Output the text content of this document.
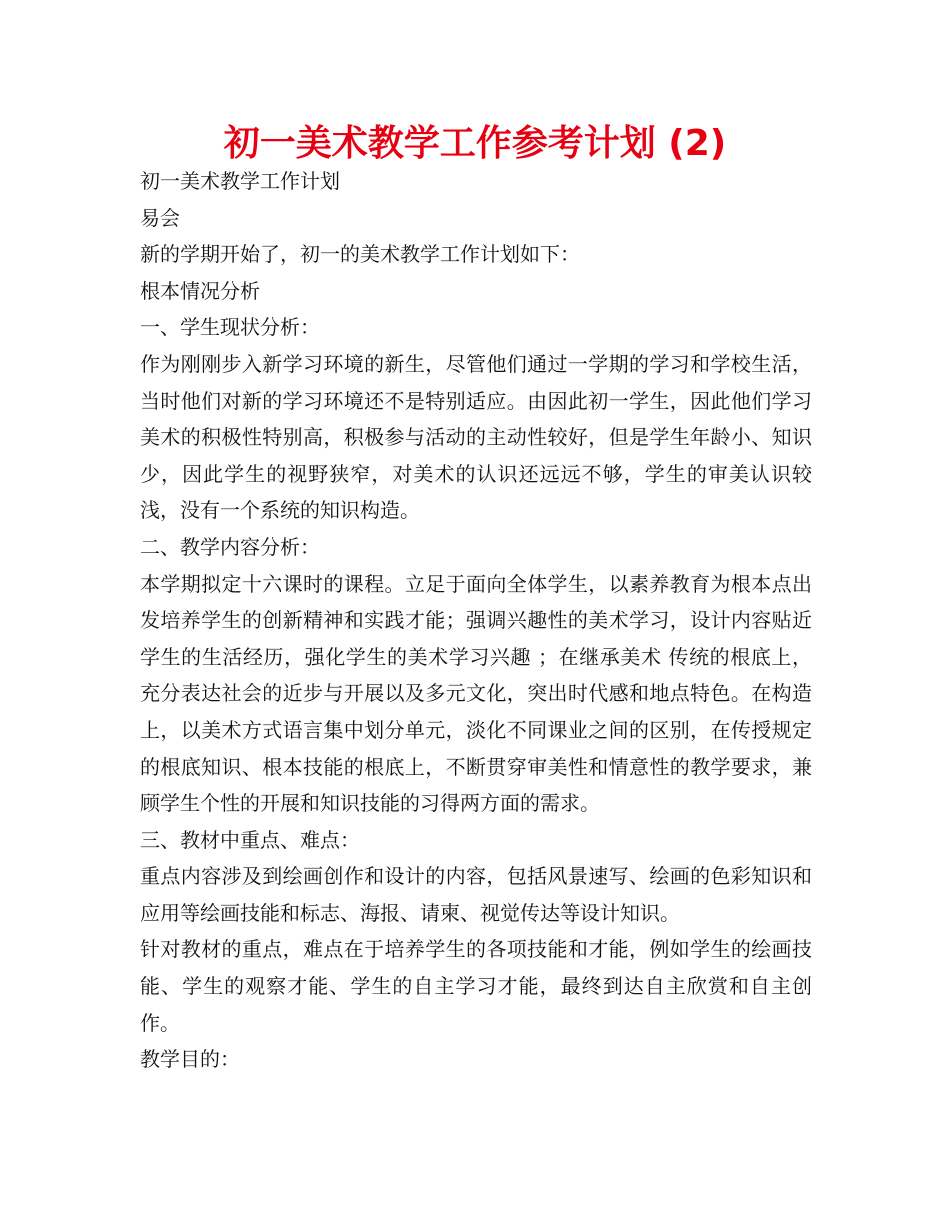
初一美术教学工作参考计划 (2)

初一美术教学工作计划

易会

新的学期开始了，初一的美术教学工作计划如下：

根本情况分析

一、学生现状分析：

作为刚刚步入新学习环境的新生，尽管他们通过一学期的学习和学校生活，当时他们对新的学习环境还不是特别适应。由因此初一学生，因此他们学习美术的积极性特别高，积极参与活动的主动性较好，但是学生年龄小、知识少，因此学生的视野狭窄，对美术的认识还远远不够，学生的审美认识较浅，没有一个系统的知识构造。

二、教学内容分析：

本学期拟定十六课时的课程。立足于面向全体学生，以素养教育为根本点出发培养学生的创新精神和实践才能；强调兴趣性的美术学习，设计内容贴近学生的生活经历，强化学生的美术学习兴趣 ；在继承美术 传统的根底上，充分表达社会的近步与开展以及多元文化，突出时代感和地点特色。在构造上，以美术方式语言集中划分单元，淡化不同课业之间的区别，在传授规定的根底知识、根本技能的根底上，不断贯穿审美性和情意性的教学要求，兼顾学生个性的开展和知识技能的习得两方面的需求。

三、教材中重点、难点：

重点内容涉及到绘画创作和设计的内容，包括风景速写、绘画的色彩知识和应用等绘画技能和标志、海报、请柬、视觉传达等设计知识。

针对教材的重点，难点在于培养学生的各项技能和才能，例如学生的绘画技能、学生的观察才能、学生的自主学习才能，最终到达自主欣赏和自主创作。

教学目的：
